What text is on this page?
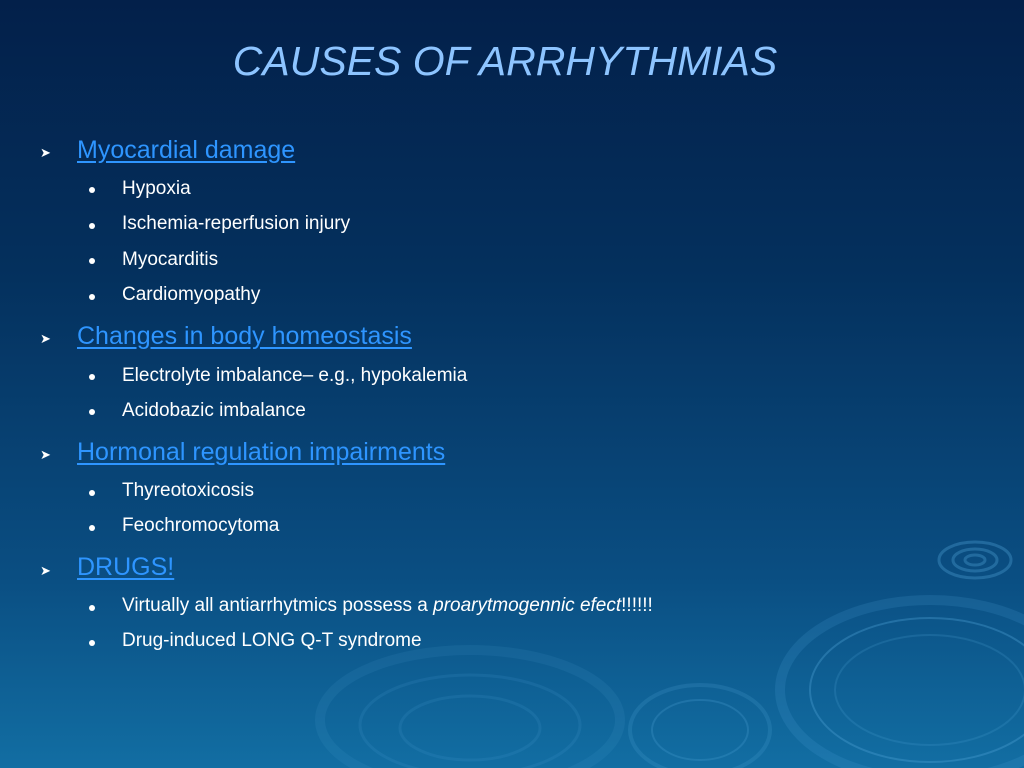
CAUSES OF ARRHYTHMIAS
➤ Myocardial damage
Hypoxia
Ischemia-reperfusion injury
Myocarditis
Cardiomyopathy
➤ Changes in body homeostasis
Electrolyte imbalance– e.g., hypokalemia
Acidobazic imbalance
➤ Hormonal regulation impairments
Thyreotoxicosis
Feochromocytoma
➤ DRUGS!
Virtually all antiarrhytmics possess a proarytmogennic efect!!!!!!
Drug-induced LONG Q-T syndrome
